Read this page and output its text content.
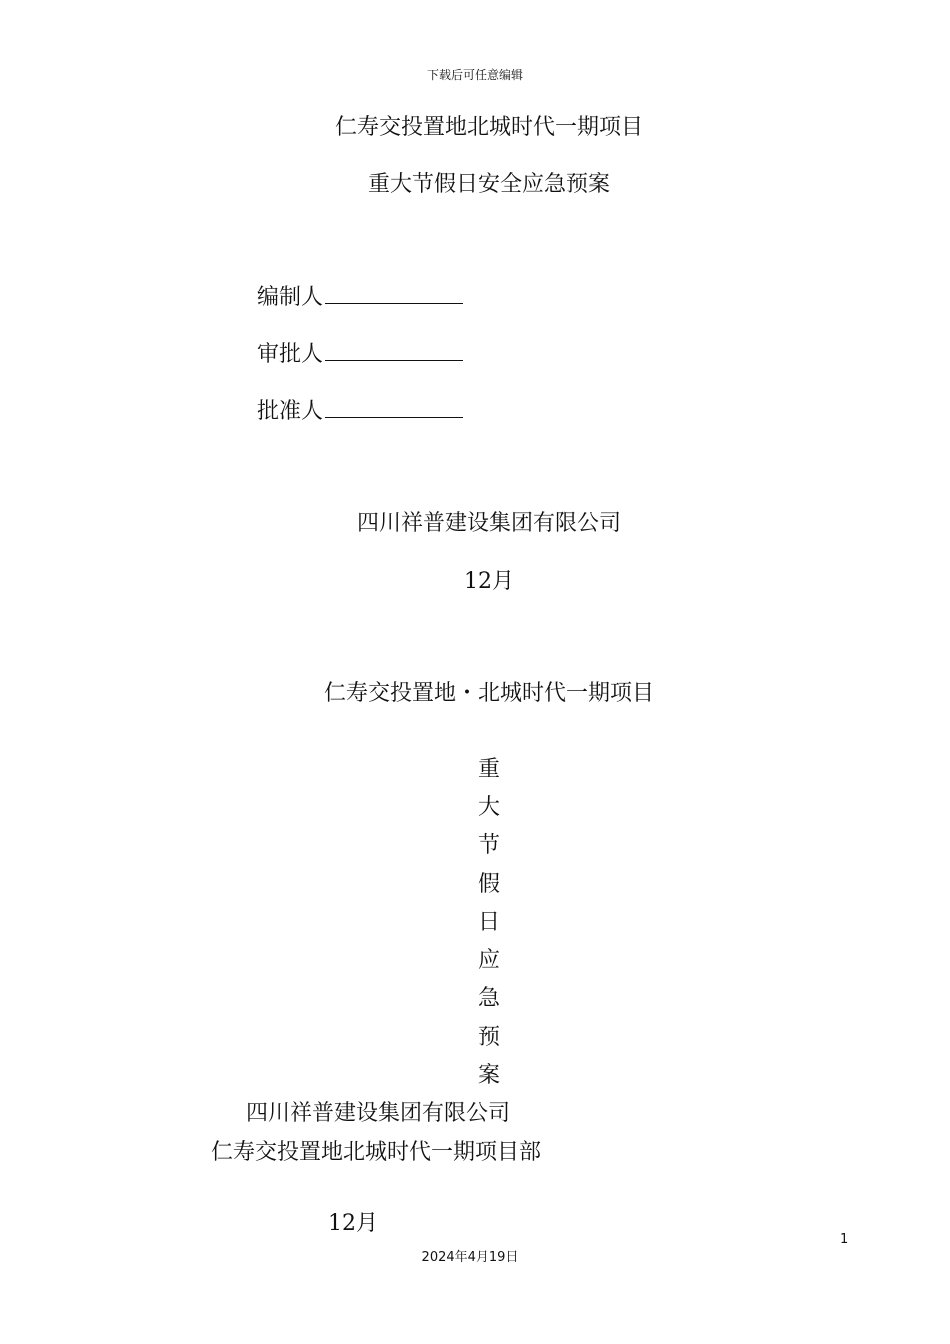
下载后可任意编辑
仁寿交投置地北城时代一期项目
重大节假日安全应急预案
编制人
审批人
批准人
四川祥普建设集团有限公司
12月
仁寿交投置地・北城时代一期项目
重
大
节
假
日
应
急
预
案
四川祥普建设集团有限公司
仁寿交投置地北城时代一期项目部
12月
1
2024年4月19日
